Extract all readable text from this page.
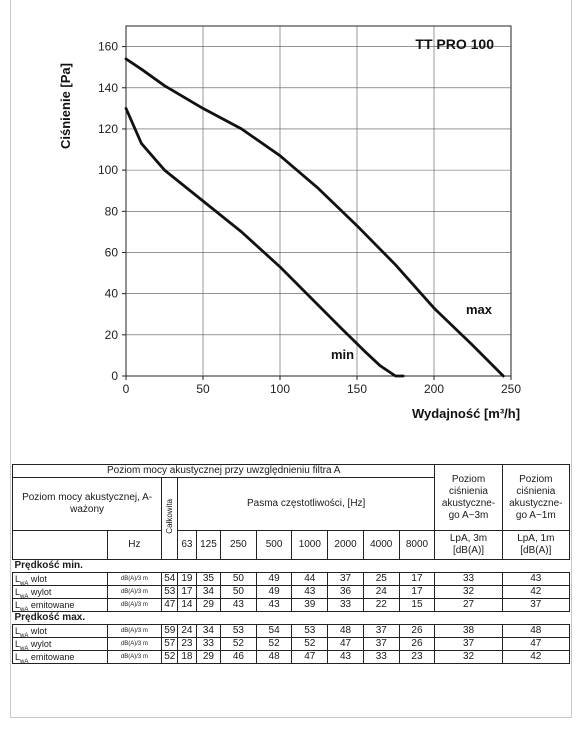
0	50	100	150	200	250
0
20
40
60
80
100
120
140
160
Wydajność [m³/h]
Ciśnienie [Pa]
TT PRO 100
max
min
Poziom mocy akustycznej przy uwzględnieniu filtra A											Poziom ciśnienia akustyczne- go A~3m	Poziom ciśnienia akustyczne- go A~1m
Poziom mocy akustycznej, A-ważony		Całkowita	Pasma częstotliwości, [Hz]									

	Hz		63	125	250	500	1000	2000	4000	8000	LpA, 3m [dB(A)]	LpA, 1m [dB(A)]
Prędkość min.												
$L_{wA}$ wlot	dB(A)/3 m	54	19	35	50	49	44	37	25	17	33	43
$L_{wA}$ wylot	dB(A)/3 m	53	17	34	50	49	43	36	24	17	32	42
$L_{wA}$ emitowane	dB(A)/3 m	47	14	29	43	43	39	33	22	15	27	37
Prędkość max.												
$L_{wA}$ wlot	dB(A)/3 m	59	24	34	53	54	53	48	37	26	38	48
$L_{wA}$ wylot	dB(A)/3 m	57	23	33	52	52	52	47	37	26	37	47
$L_{wA}$ emitowane	dB(A)/3 m	52	18	29	46	48	47	43	33	23	32	42
